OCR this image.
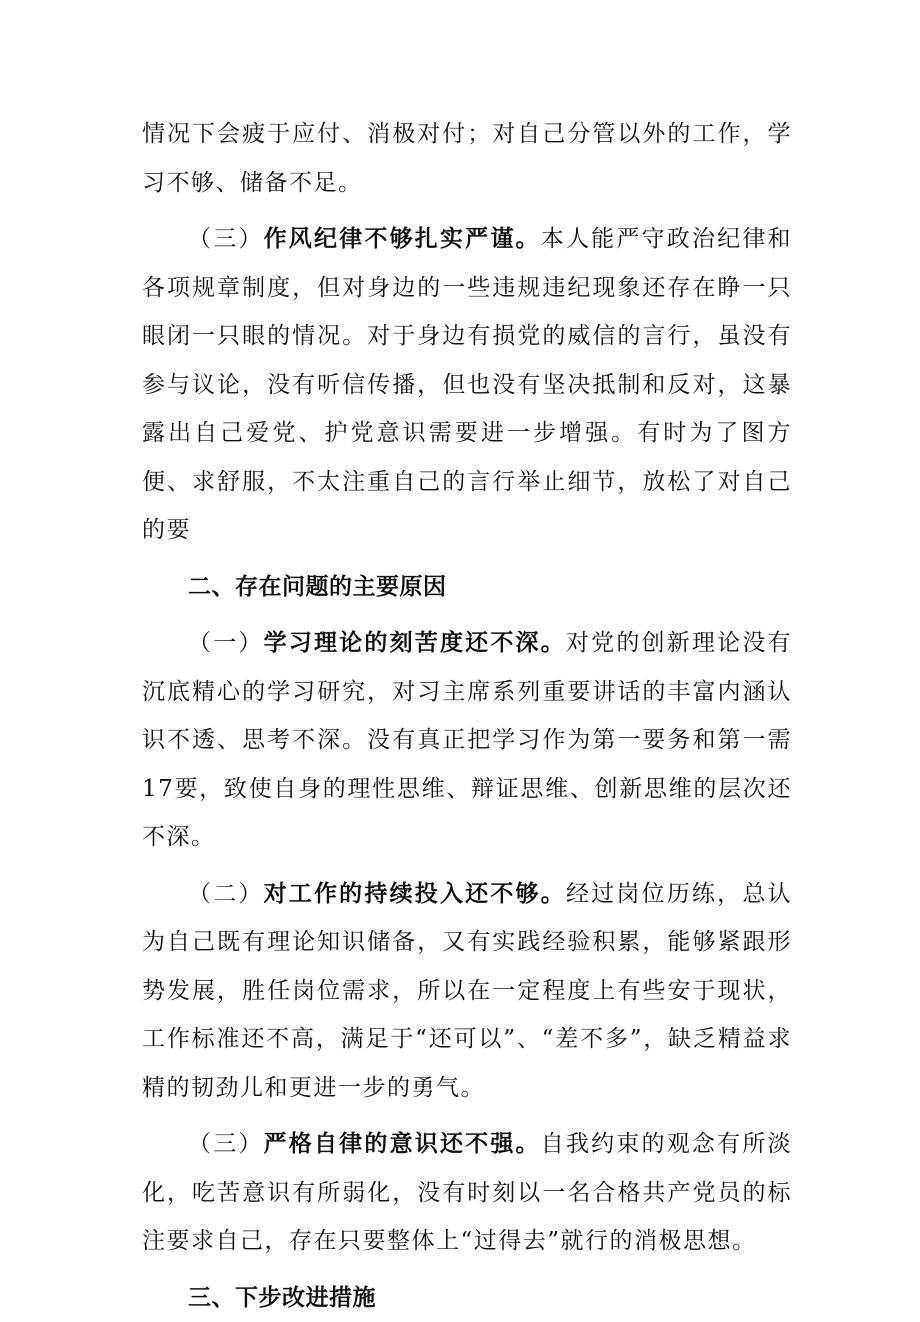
情况下会疲于应付、消极对付；对自己分管以外的工作，学习不够、储备不足。

（三）作风纪律不够扎实严谨。本人能严守政治纪律和各项规章制度，但对身边的一些违规违纪现象还存在睁一只眼闭一只眼的情况。对于身边有损党的威信的言行，虽没有参与议论，没有听信传播，但也没有坚决抵制和反对，这暴露出自己爱党、护党意识需要进一步增强。有时为了图方便、求舒服，不太注重自己的言行举止细节，放松了对自己的要

二、存在问题的主要原因

（一）学习理论的刻苦度还不深。对党的创新理论没有沉底精心的学习研究，对习主席系列重要讲话的丰富内涵认识不透、思考不深。没有真正把学习作为第一要务和第一需17要，致使自身的理性思维、辩证思维、创新思维的层次还不深。

（二）对工作的持续投入还不够。经过岗位历练，总认为自己既有理论知识储备，又有实践经验积累，能够紧跟形势发展，胜任岗位需求，所以在一定程度上有些安于现状，工作标准还不高，满足于“还可以”、“差不多”，缺乏精益求精的韧劲儿和更进一步的勇气。

（三）严格自律的意识还不强。自我约束的观念有所淡化，吃苦意识有所弱化，没有时刻以一名合格共产党员的标注要求自己，存在只要整体上“过得去”就行的消极思想。

三、下步改进措施
